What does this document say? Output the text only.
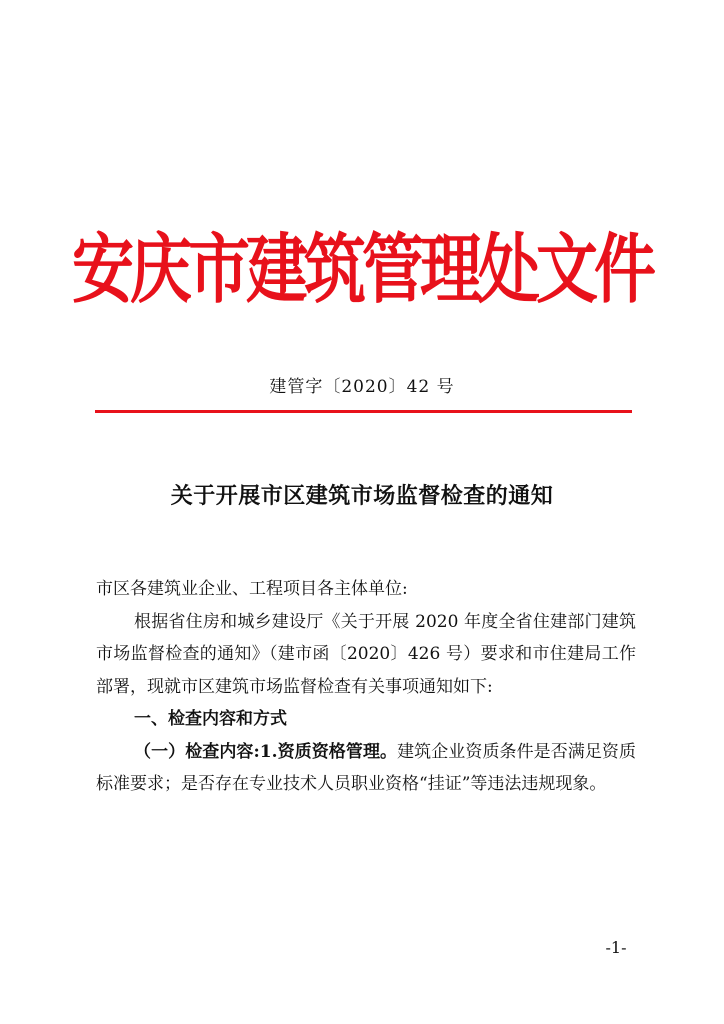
安庆市建筑管理处文件
建管字〔2020〕42 号
关于开展市区建筑市场监督检查的通知

市区各建筑业企业、工程项目各主体单位:

根据省住房和城乡建设厅《关于开展 2020 年度全省住建部门建筑市场监督检查的通知》（建市函〔2020〕426 号）要求和市住建局工作部署，现就市区建筑市场监督检查有关事项通知如下:

一、检查内容和方式

（一）检查内容:1.资质资格管理。建筑企业资质条件是否满足资质标准要求；是否存在专业技术人员职业资格“挂证”等违法违规现象。

-1-
